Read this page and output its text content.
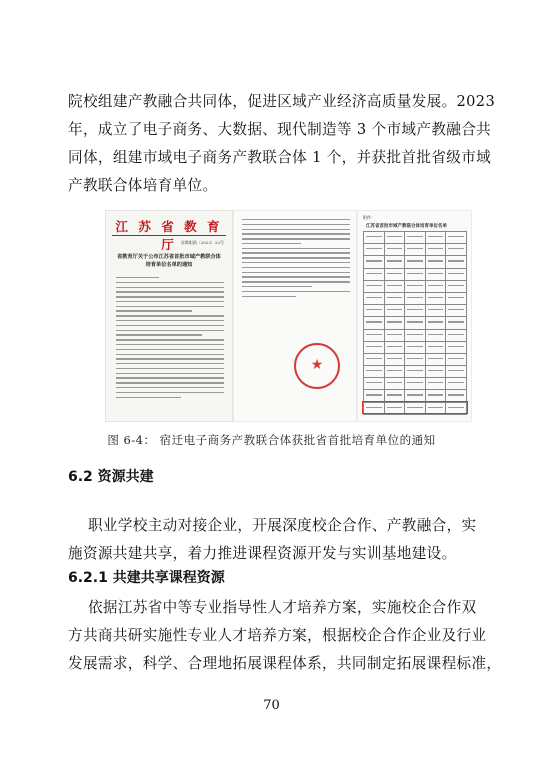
院校组建产教融合共同体，促进区域产业经济高质量发展。2023
年，成立了电子商务、大数据、现代制造等 3 个市域产教融合共
同体，组建市域电子商务产教联合体 1 个，并获批首批省级市域
产教联合体培育单位。
江 苏 省 教 育 厅 苏教职函〔2023〕22号
省教育厅关于公布江苏省首批市域产教联合体培育单位名单的通知
★
附件：
江苏省首批市域产教联合体培育单位名单

图 6-4： 宿迁电子商务产教联合体获批省首批培育单位的通知
6.2 资源共建
职业学校主动对接企业，开展深度校企合作、产教融合，实
施资源共建共享，着力推进课程资源开发与实训基地建设。
6.2.1 共建共享课程资源
依据江苏省中等专业指导性人才培养方案，实施校企合作双
方共商共研实施性专业人才培养方案，根据校企合作企业及行业
发展需求，科学、合理地拓展课程体系，共同制定拓展课程标准，
70
